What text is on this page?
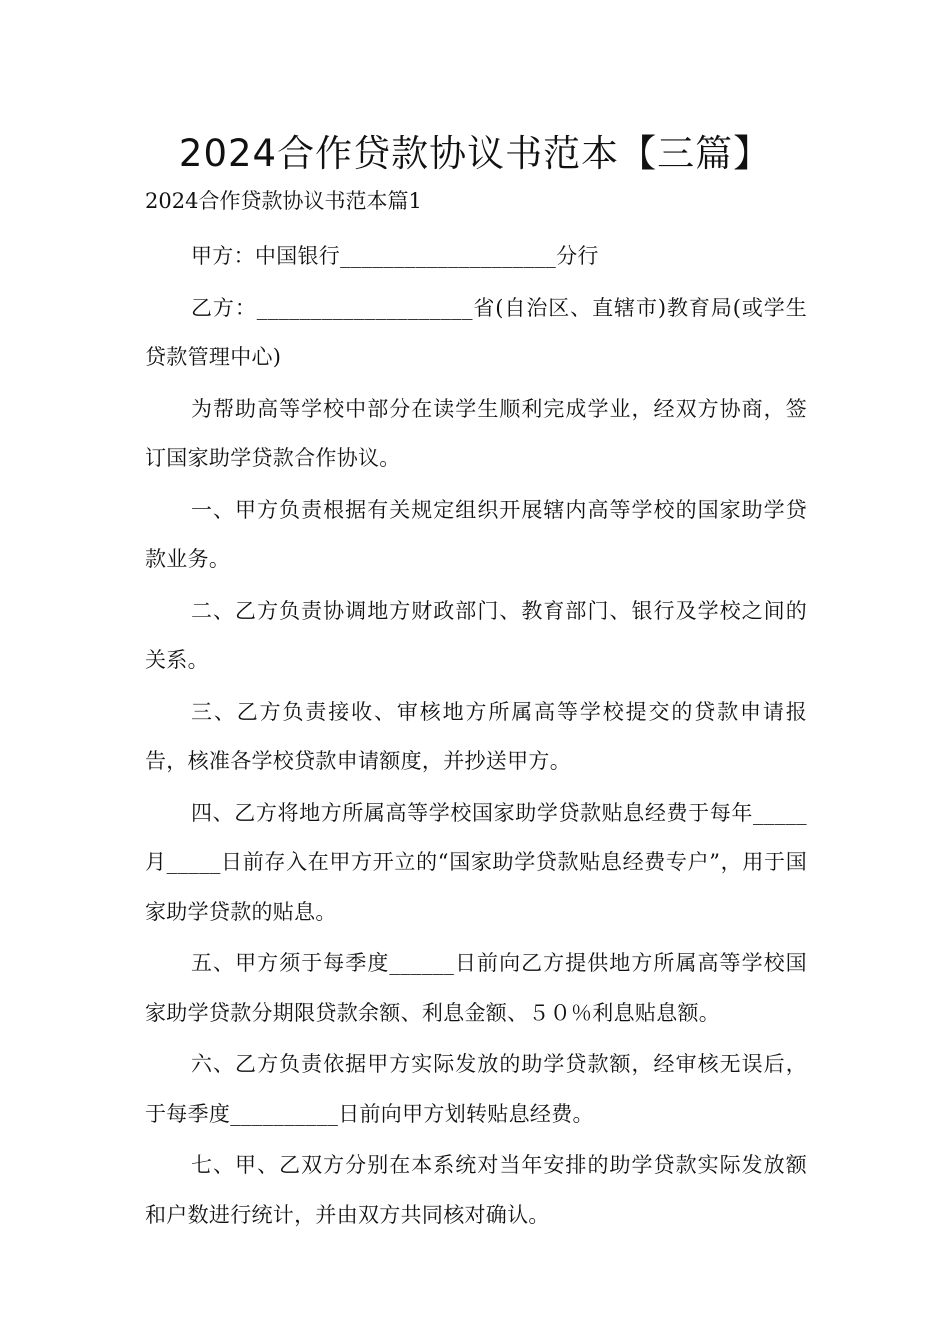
2024合作贷款协议书范本【三篇】

2024合作贷款协议书范本篇1

甲方：中国银行____________________分行

乙方：____________________省(自治区、直辖市)教育局(或学生贷款管理中心)

为帮助高等学校中部分在读学生顺利完成学业，经双方协商，签订国家助学贷款合作协议。

一、甲方负责根据有关规定组织开展辖内高等学校的国家助学贷款业务。

二、乙方负责协调地方财政部门、教育部门、银行及学校之间的关系。

三、乙方负责接收、审核地方所属高等学校提交的贷款申请报告，核准各学校贷款申请额度，并抄送甲方。

四、乙方将地方所属高等学校国家助学贷款贴息经费于每年_____月_____日前存入在甲方开立的“国家助学贷款贴息经费专户”，用于国家助学贷款的贴息。

五、甲方须于每季度______日前向乙方提供地方所属高等学校国家助学贷款分期限贷款余额、利息金额、５０％利息贴息额。

六、乙方负责依据甲方实际发放的助学贷款额，经审核无误后，于每季度__________日前向甲方划转贴息经费。

七、甲、乙双方分别在本系统对当年安排的助学贷款实际发放额和户数进行统计，并由双方共同核对确认。
